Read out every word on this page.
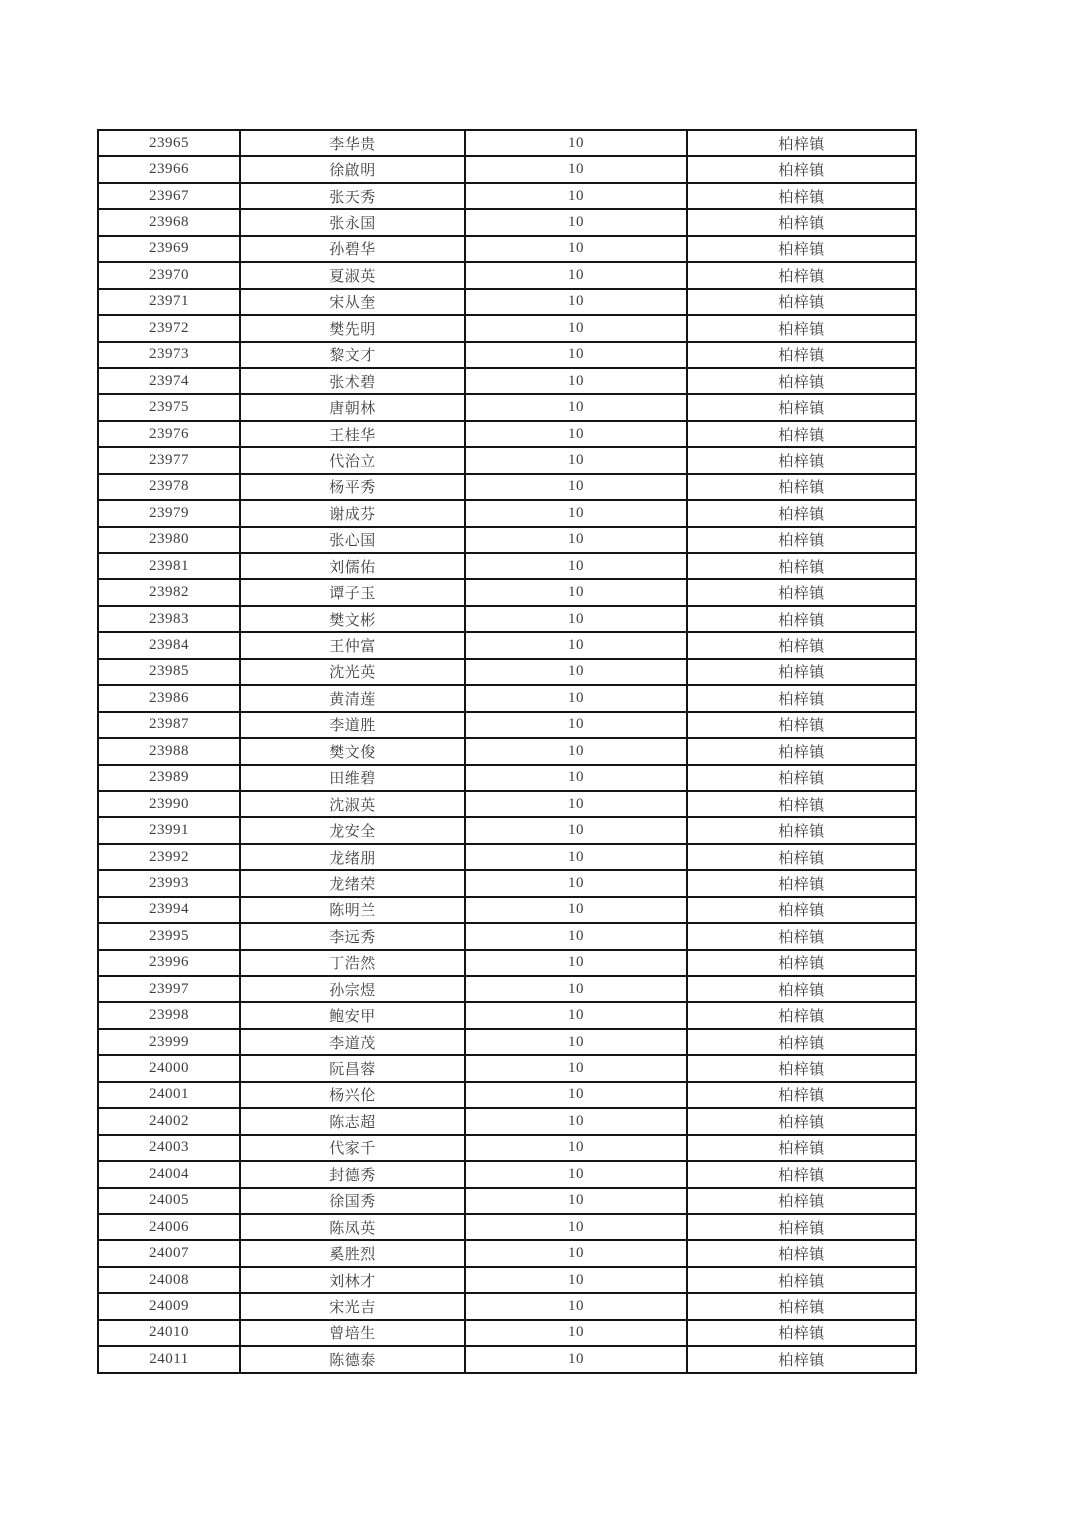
23965	李华贵	10	柏梓镇
23966	徐啟明	10	柏梓镇
23967	张天秀	10	柏梓镇
23968	张永国	10	柏梓镇
23969	孙碧华	10	柏梓镇
23970	夏淑英	10	柏梓镇
23971	宋从奎	10	柏梓镇
23972	樊先明	10	柏梓镇
23973	黎文才	10	柏梓镇
23974	张术碧	10	柏梓镇
23975	唐朝林	10	柏梓镇
23976	王桂华	10	柏梓镇
23977	代治立	10	柏梓镇
23978	杨平秀	10	柏梓镇
23979	谢成芬	10	柏梓镇
23980	张心国	10	柏梓镇
23981	刘儒佑	10	柏梓镇
23982	谭子玉	10	柏梓镇
23983	樊文彬	10	柏梓镇
23984	王仲富	10	柏梓镇
23985	沈光英	10	柏梓镇
23986	黄清莲	10	柏梓镇
23987	李道胜	10	柏梓镇
23988	樊文俊	10	柏梓镇
23989	田维碧	10	柏梓镇
23990	沈淑英	10	柏梓镇
23991	龙安全	10	柏梓镇
23992	龙绪朋	10	柏梓镇
23993	龙绪荣	10	柏梓镇
23994	陈明兰	10	柏梓镇
23995	李远秀	10	柏梓镇
23996	丁浩然	10	柏梓镇
23997	孙宗煜	10	柏梓镇
23998	鲍安甲	10	柏梓镇
23999	李道茂	10	柏梓镇
24000	阮昌蓉	10	柏梓镇
24001	杨兴伦	10	柏梓镇
24002	陈志超	10	柏梓镇
24003	代家千	10	柏梓镇
24004	封德秀	10	柏梓镇
24005	徐国秀	10	柏梓镇
24006	陈凤英	10	柏梓镇
24007	奚胜烈	10	柏梓镇
24008	刘林才	10	柏梓镇
24009	宋光吉	10	柏梓镇
24010	曾培生	10	柏梓镇
24011	陈德泰	10	柏梓镇
